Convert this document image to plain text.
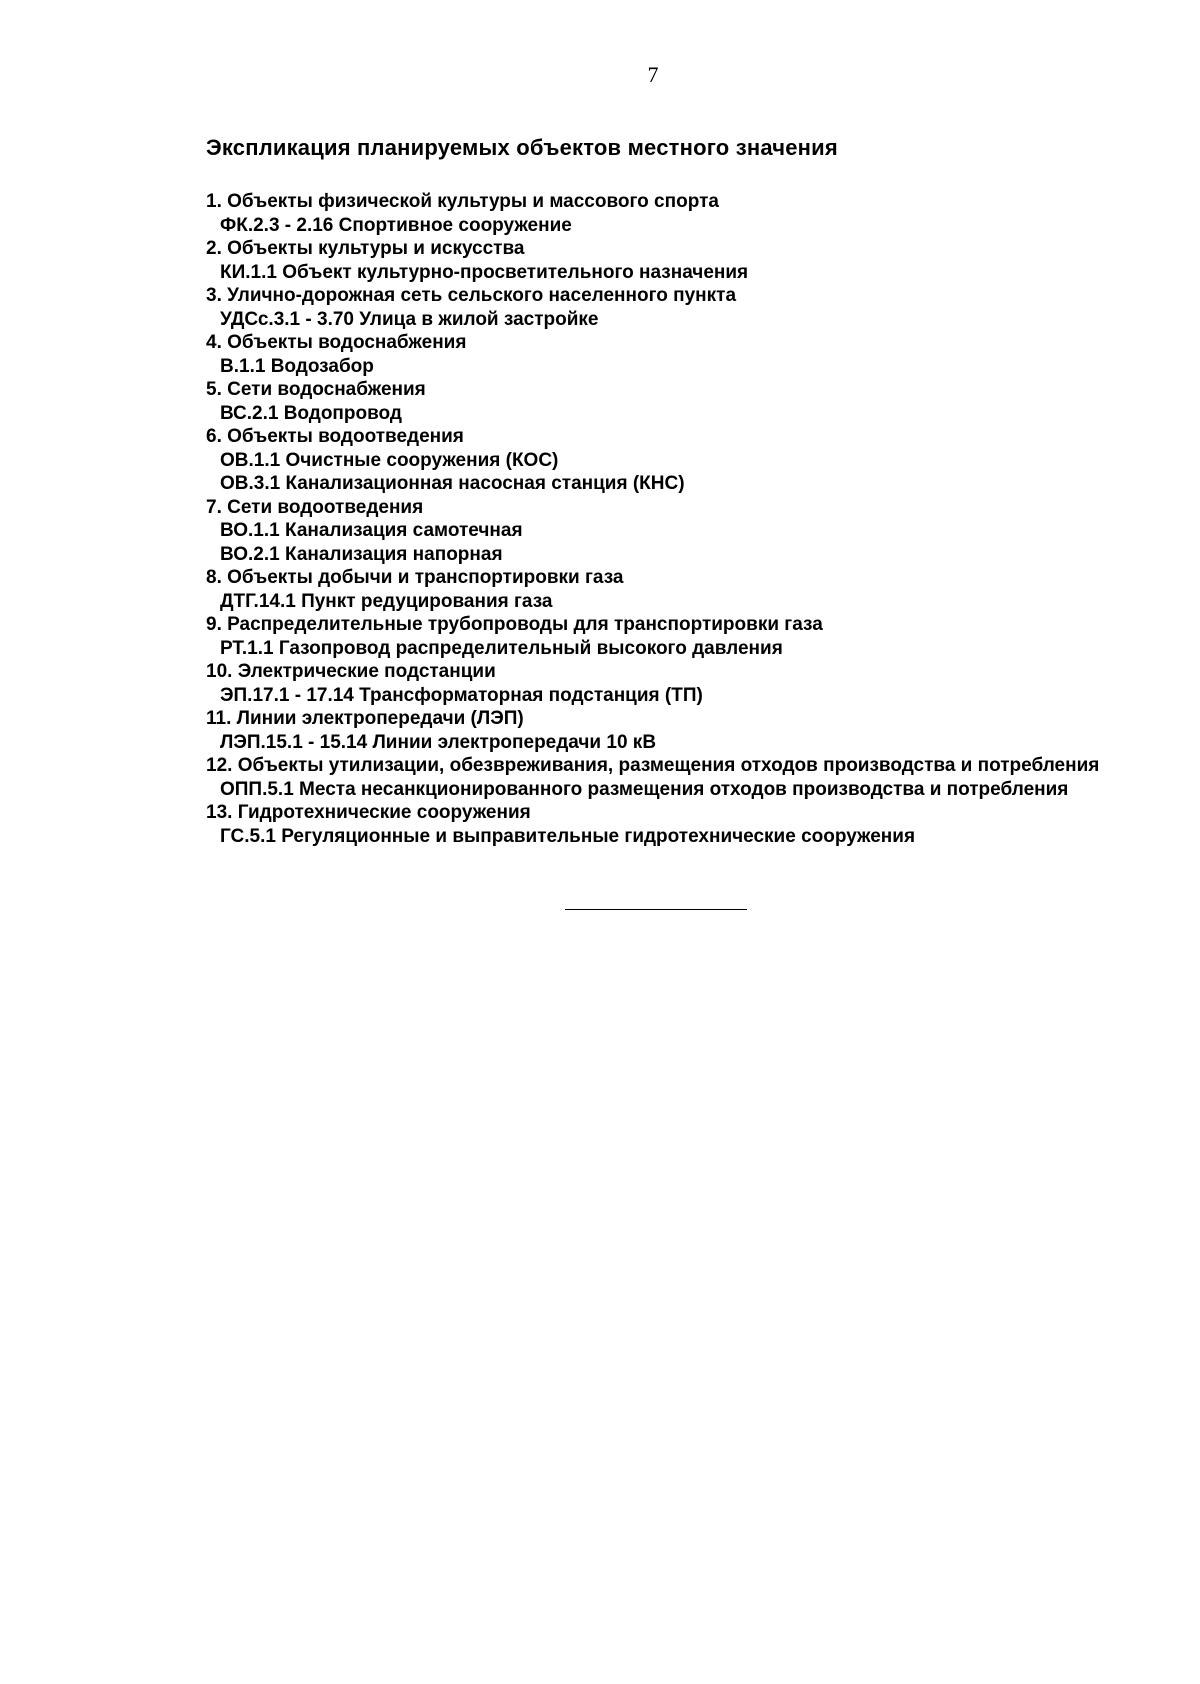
7
Экспликация планируемых объектов местного значения
1. Объекты физической культуры и массового спорта
ФК.2.3 - 2.16 Спортивное сооружение
2. Объекты культуры и искусства
КИ.1.1 Объект культурно-просветительного назначения
3. Улично-дорожная сеть сельского населенного пункта
УДСс.3.1 - 3.70 Улица в жилой застройке
4. Объекты водоснабжения
В.1.1 Водозабор
5. Сети водоснабжения
ВС.2.1 Водопровод
6. Объекты водоотведения
ОВ.1.1 Очистные сооружения (КОС)
ОВ.3.1 Канализационная насосная станция (КНС)
7. Сети водоотведения
ВО.1.1 Канализация самотечная
ВО.2.1 Канализация напорная
8. Объекты добычи и транспортировки газа
ДТГ.14.1 Пункт редуцирования газа
9. Распределительные трубопроводы для транспортировки газа
РТ.1.1 Газопровод распределительный высокого давления
10. Электрические подстанции
ЭП.17.1 - 17.14 Трансформаторная подстанция (ТП)
11. Линии электропередачи (ЛЭП)
ЛЭП.15.1 - 15.14 Линии электропередачи 10 кВ
12. Объекты утилизации, обезвреживания, размещения отходов производства и потребления
ОПП.5.1 Места несанкционированного размещения отходов производства и потребления
13. Гидротехнические сооружения
ГС.5.1 Регуляционные и выправительные гидротехнические сооружения
